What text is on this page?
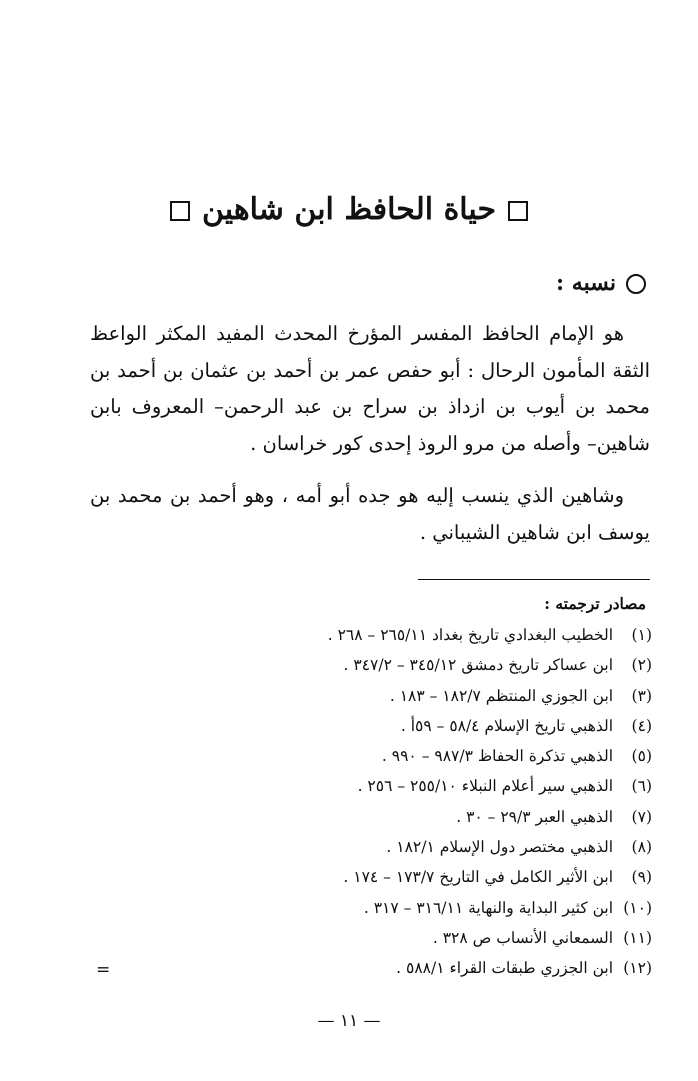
حياة الحافظ ابن شاهين
نسبه :

هو الإمام الحافظ المفسر المؤرخ المحدث المفيد المكثر الواعظ الثقة المأمون الرحال : أبو حفص عمر بن أحمد بن عثمان بن أحمد بن محمد بن أيوب بن ازداذ بن سراح بن عبد الرحمن– المعروف بابن شاهين– وأصله من مرو الروذ إحدى كور خراسان .

وشاهين الذي ينسب إليه هو جده أبو أمه ، وهو أحمد بن محمد بن يوسف ابن شاهين الشيباني .

مصادر ترجمته :
(١) الخطيب البغدادي تاريخ بغداد ٢٦٥/١١ – ٢٦٨ .
(٢) ابن عساكر تاريخ دمشق ٣٤٥/١٢ – ٣٤٧/٢ .
(٣) ابن الجوزي المنتظم ١٨٢/٧ – ١٨٣ .
(٤) الذهبي تاريخ الإسلام ٥٨/٤ – ٥٩أ .
(٥) الذهبي تذكرة الحفاظ ٩٨٧/٣ – ٩٩٠ .
(٦) الذهبي سير أعلام النبلاء ٢٥٥/١٠ – ٢٥٦ .
(٧) الذهبي العبر ٢٩/٣ – ٣٠ .
(٨) الذهبي مختصر دول الإسلام ١٨٢/١ .
(٩) ابن الأثير الكامل في التاريخ ١٧٣/٧ – ١٧٤ .
(١٠) ابن كثير البداية والنهاية ٣١٦/١١ – ٣١٧ .
(١١) السمعاني الأنساب ص ٣٢٨ .
(١٢) ابن الجزري طبقات القراء ٥٨٨/١ .
=
— ١١ —
